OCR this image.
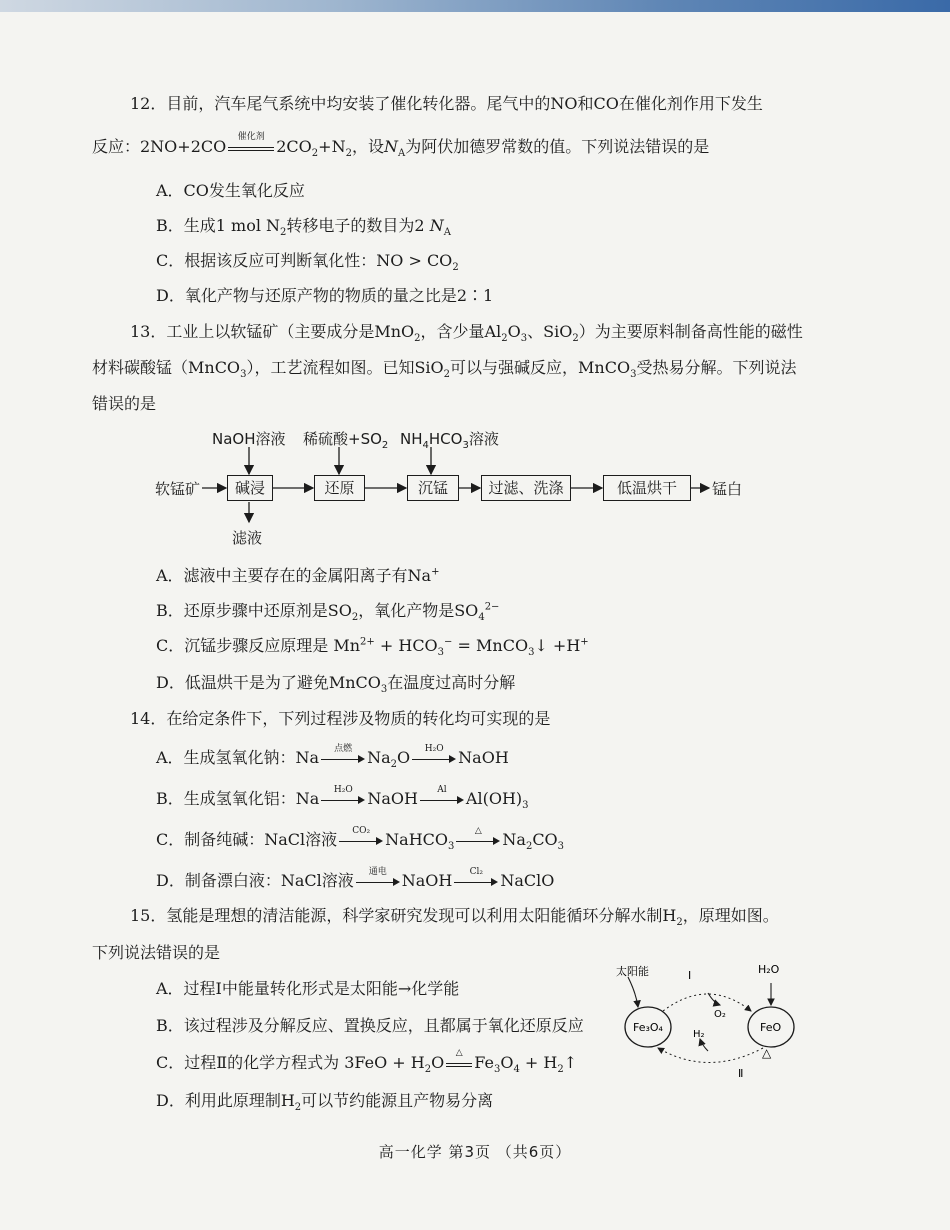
12．目前，汽车尾气系统中均安装了催化转化器。尾气中的NO和CO在催化剂作用下发生
反应：2NO+2CO
催化剂
$2CO_2+N_2$，设$N_A$为阿伏加德罗常数的值。下列说法错误的是
A．CO发生氧化反应
B．生成1 mol $N_2$转移电子的数目为2 $N_A$
C．根据该反应可判断氧化性：NO > $CO_2$
D．氧化产物与还原产物的物质的量之比是2∶1
13．工业上以软锰矿（主要成分是MnO$_2$，含少量$Al_2O_3$、SiO$_2$）为主要原料制备高性能的磁性
材料碳酸锰（MnCO$_3$），工艺流程如图。已知SiO$_2$可以与强碱反应，MnCO$_3$受热易分解。下列说法
错误的是
软锰矿	碱浸	还原	沉锰	过滤、洗涤	低温烘干	锰白
NaOH溶液 稀硫酸$+SO_2$ $NH_4HCO_3$溶液
滤液
A．滤液中主要存在的金属阳离子有Na+
B．还原步骤中还原剂是$SO_2$，氧化产物是$SO_4^{2-}$
C．沉锰步骤反应原理是 $Mn^{2+} + HCO_3^-$ = MnCO$_3$↓ +H+
D．低温烘干是为了避免MnCO$_3$在温度过高时分解
14．在给定条件下，下列过程涉及物质的转化均可实现的是
A．生成氢氧化钠：Na	点燃 $Na_2O$	H₂O NaOH
B．生成氢氧化铝：Na	H₂O NaOH	Al	$Al(OH)_3$
C．制备纯碱：NaCl溶液	CO₂ NaHCO$_3$
△	$Na_2CO_3$
D．制备漂白液：NaCl溶液	通电 NaOH	Cl₂	NaClO
15．氢能是理想的清洁能源，科学家研究发现可以利用太阳能循环分解水制$H_2$，原理如图。
下列说法错误的是
A．过程Ⅰ中能量转化形式是太阳能→化学能
B．该过程涉及分解反应、置换反应，且都属于氧化还原反应
C．过程Ⅱ的化学方程式为 $3FeO + H_2O$
△
$Fe_3O_4$ + $H_2↑$
D．利用此原理制$H_2$可以节约能源且产物易分离
太阳能	I	H₂O
O₂
Fe₃O₄	FeO
H₂
Ⅱ
△
高一化学 第3页 （共6页）
